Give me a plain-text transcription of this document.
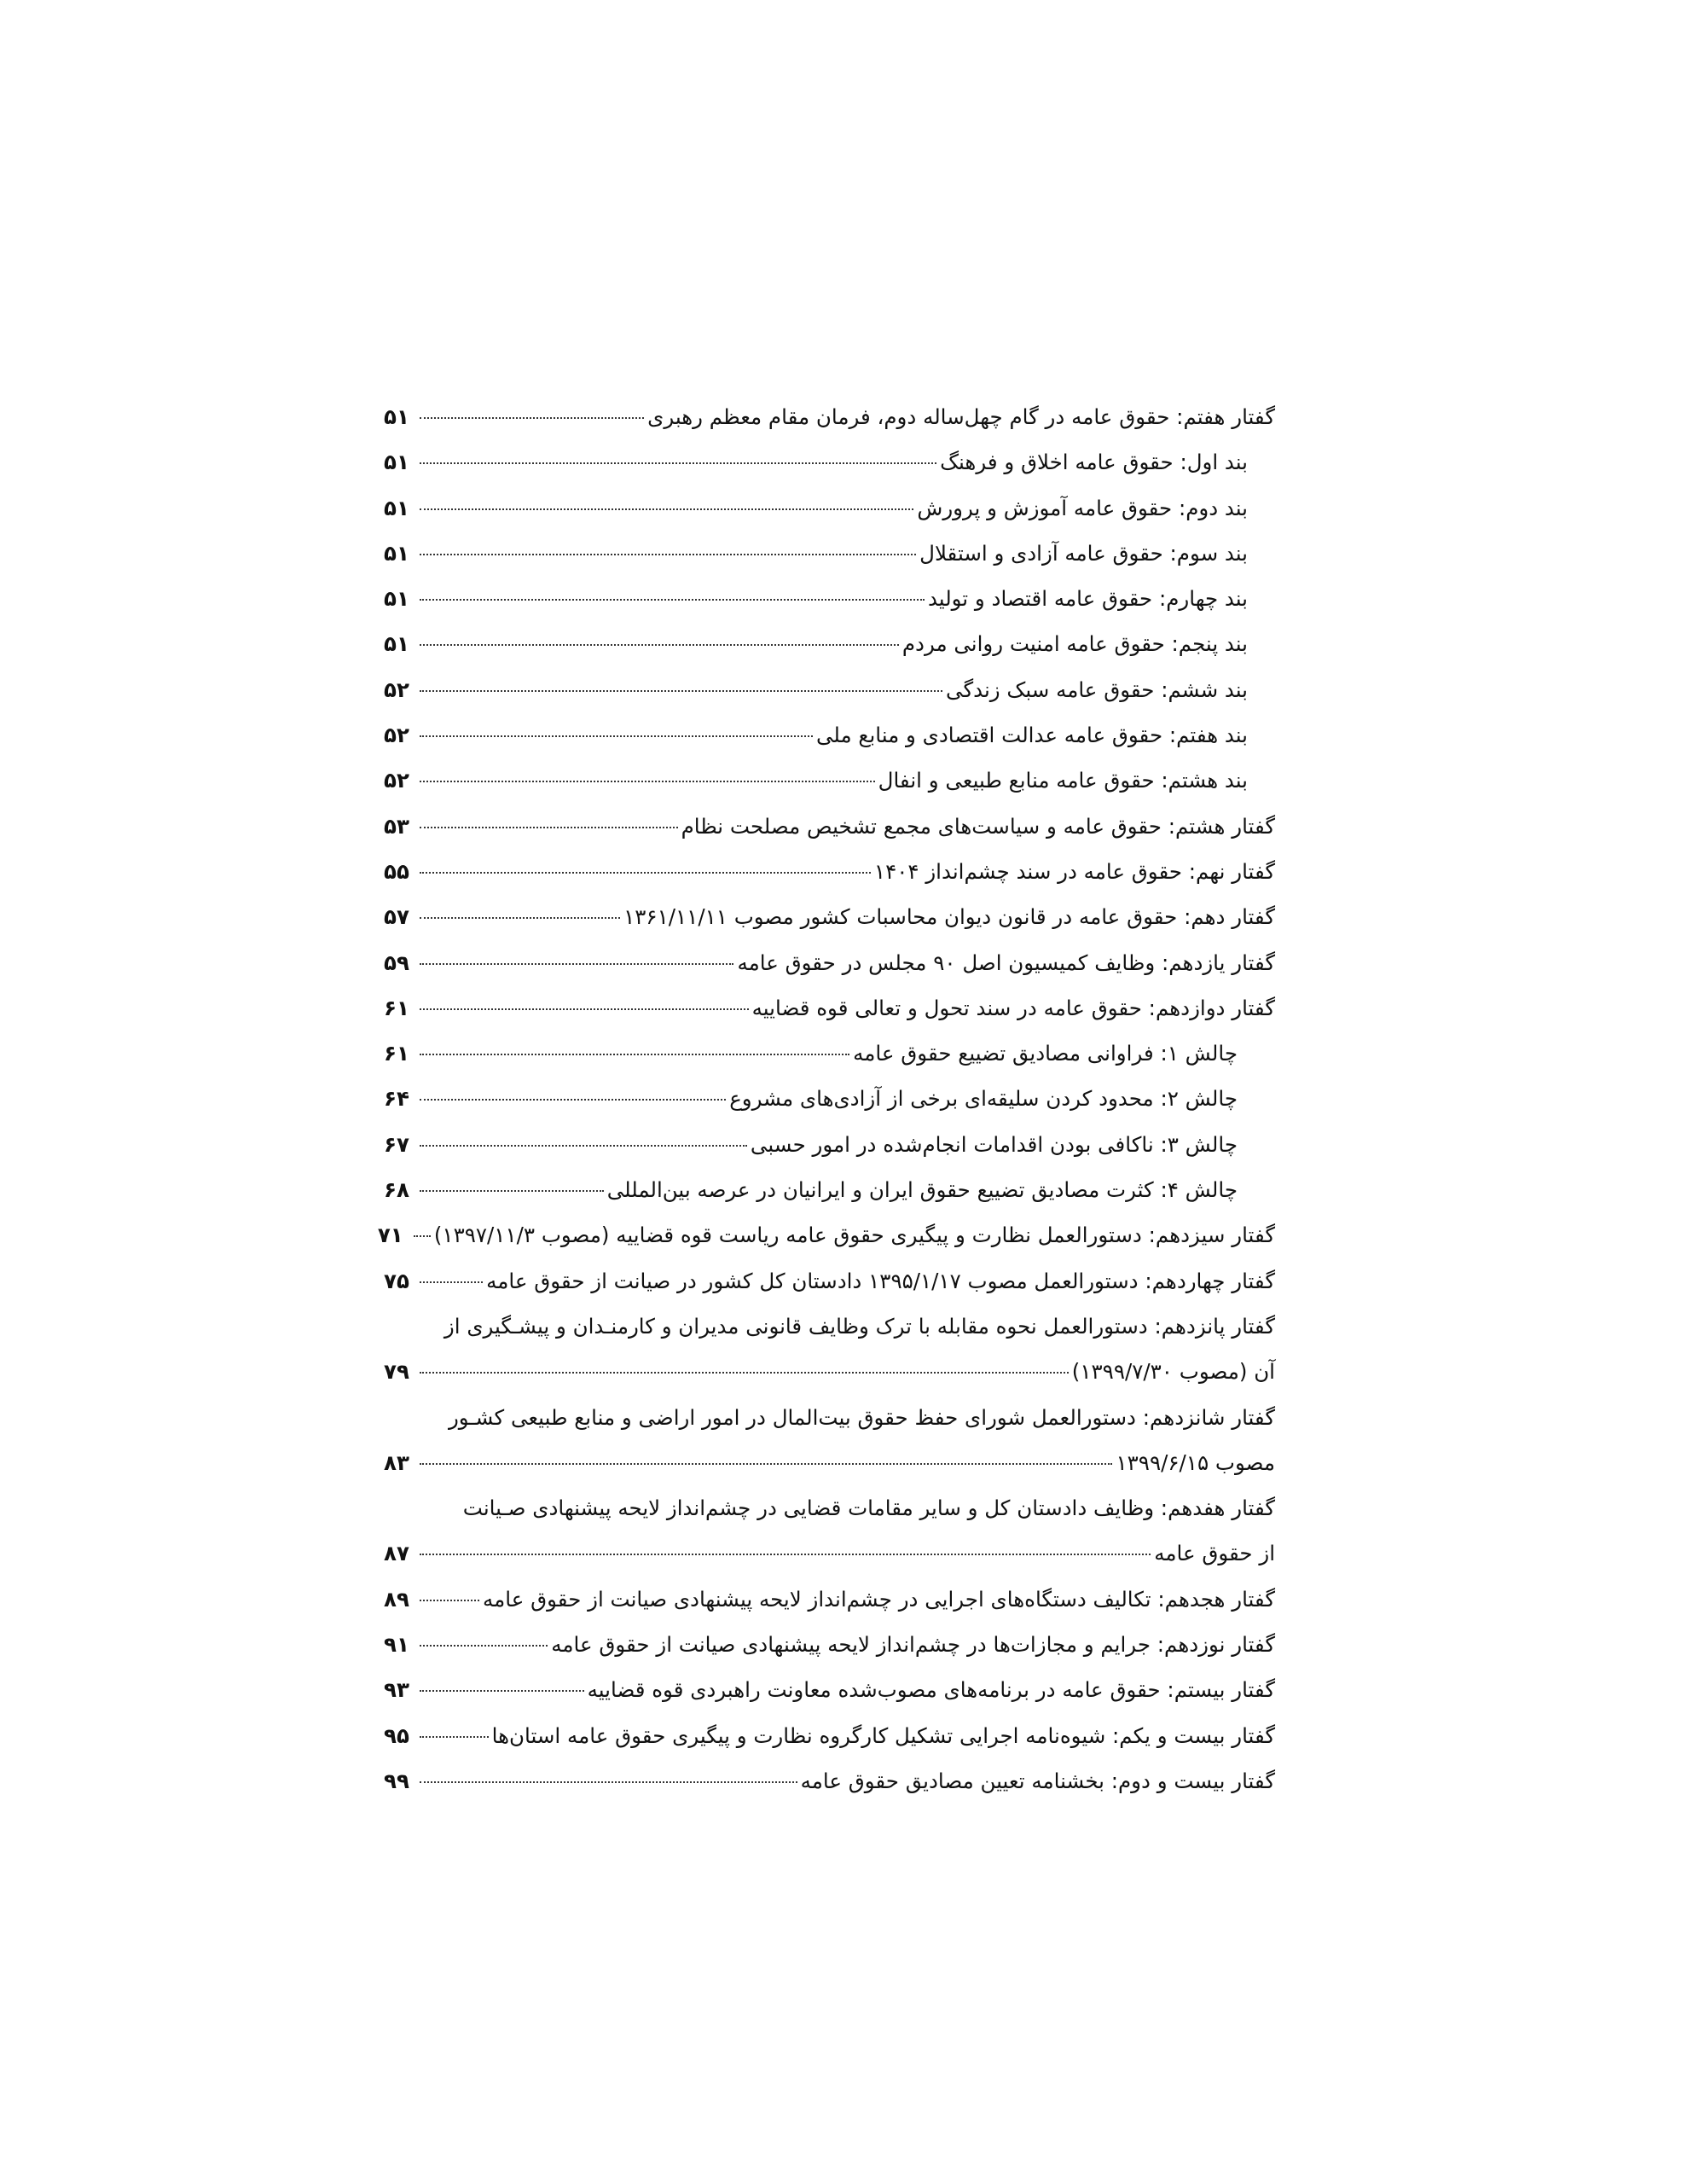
گفتار هفتم: حقوق عامه در گام چهل‌ساله دوم، فرمان مقام معظم رهبری
۵۱
بند اول: حقوق عامه اخلاق و فرهنگ
۵۱
بند دوم: حقوق عامه آموزش و پرورش
۵۱
بند سوم: حقوق عامه آزادی و استقلال
۵۱
بند چهارم: حقوق عامه اقتصاد و تولید
۵۱
بند پنجم: حقوق عامه امنیت روانی مردم
۵۱
بند ششم: حقوق عامه سبک زندگی
۵۲
بند هفتم: حقوق عامه عدالت اقتصادی و منابع ملی
۵۲
بند هشتم: حقوق عامه منابع طبیعی و انفال
۵۲
گفتار هشتم: حقوق عامه و سیاست‌های مجمع تشخیص مصلحت نظام
۵۳
گفتار نهم: حقوق عامه در سند چشم‌انداز ۱۴۰۴
۵۵
گفتار دهم: حقوق عامه در قانون دیوان محاسبات کشور مصوب ۱۳۶۱/۱۱/۱۱
۵۷
گفتار یازدهم: وظایف کمیسیون اصل ۹۰ مجلس در حقوق عامه
۵۹
گفتار دوازدهم: حقوق عامه در سند تحول و تعالی قوه قضاییه
۶۱
چالش ۱: فراوانی مصادیق تضییع حقوق عامه
۶۱
چالش ۲: محدود کردن سلیقه‌ای برخی از آزادی‌های مشروع
۶۴
چالش ۳: ناکافی بودن اقدامات انجام‌شده در امور حسبی
۶۷
چالش ۴: کثرت مصادیق تضییع حقوق ایران و ایرانیان در عرصه بین‌المللی
۶۸
گفتار سیزدهم: دستورالعمل نظارت و پیگیری حقوق عامه ریاست قوه قضاییه (مصوب ۱۳۹۷/۱۱/۳)
۷۱
گفتار چهاردهم: دستورالعمل مصوب ۱۳۹۵/۱/۱۷ دادستان کل کشور در صیانت از حقوق عامه
۷۵
گفتار پانزدهم: دستورالعمل نحوه مقابله با ترک وظایف قانونی مدیران و کارمنـدان و پیشـگیری از
آن (مصوب ۱۳۹۹/۷/۳۰)
۷۹
گفتار شانزدهم: دستورالعمل شورای حفظ حقوق بیت‌المال در امور اراضی و منابع طبیعی کشـور
مصوب ۱۳۹۹/۶/۱۵
۸۳
گفتار هفدهم: وظایف دادستان کل و سایر مقامات قضایی در چشم‌انداز لایحه پیشنهادی صـیانت
از حقوق عامه
۸۷
گفتار هجدهم: تکالیف دستگاه‌های اجرایی در چشم‌انداز لایحه پیشنهادی صیانت از حقوق عامه
۸۹
گفتار نوزدهم: جرایم و مجازات‌ها در چشم‌انداز لایحه پیشنهادی صیانت از حقوق عامه
۹۱
گفتار بیستم: حقوق عامه در برنامه‌های مصوب‌شده معاونت راهبردی قوه قضاییه
۹۳
گفتار بیست و یکم: شیوه‌نامه اجرایی تشکیل کارگروه نظارت و پیگیری حقوق عامه استان‌ها
۹۵
گفتار بیست و دوم: بخشنامه تعیین مصادیق حقوق عامه
۹۹
